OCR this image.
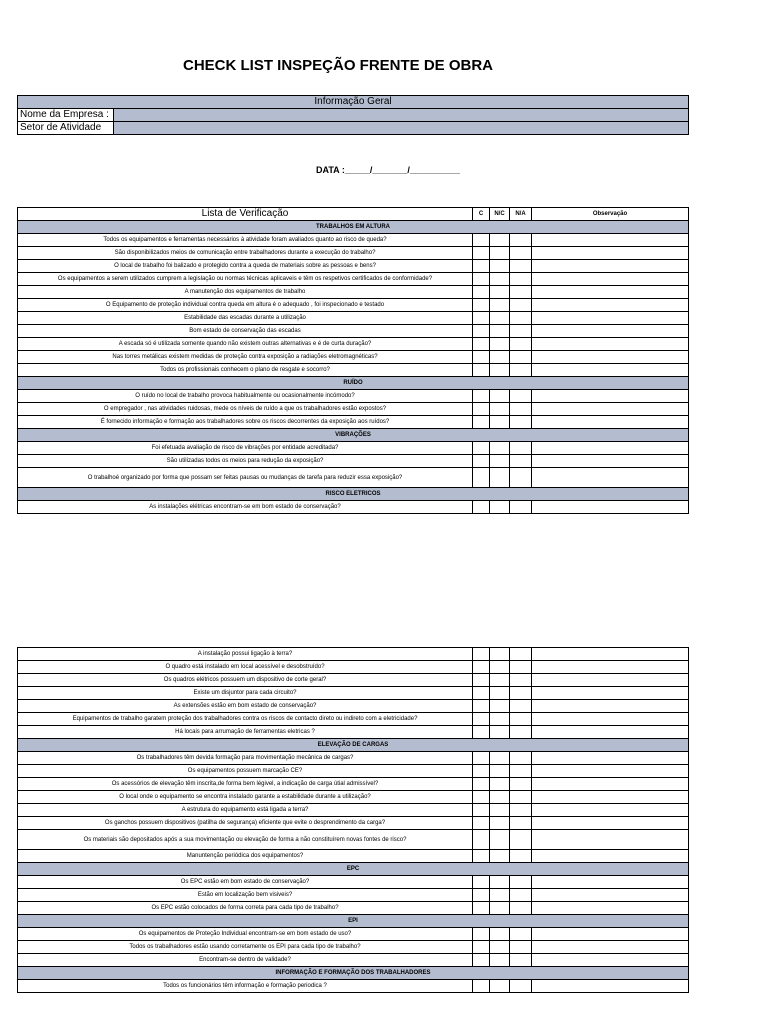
CHECK LIST INSPEÇÃO FRENTE DE OBRA
Informação Geral	
Nome da Empresa :	
Setor de Atividade	
DATA :_____/_______/__________
Lista de Verificação	C	N/C	N/A	Observação
TRABALHOS EM ALTURA				
Todos os equipamentos e ferramentas necessários à atividade foram avaliados quanto ao risco de queda?				
São disponibilizados meios de comunicação entre trabalhadores durante a execução do trabalho?				
O local de trabalho foi balizado e protegido contra a queda de materiais sobre as pessoas e bens?				
Os equipamentos a serem utilizados cumprem a legislação ou normas técnicas aplicaveis e têm os respetivos certificados de conformidade?				
A manutenção dos equipamentos de trabalho				
O Equipamento de proteção individual contra queda em altura é o adequado , foi inspecionado e testado				
Estabilidade das escadas durante a utilização				
Bom estado de conservação das escadas				
A escada só é utilizada somente quando não existem outras alternativas e é de curta duração?				
Nas torres metálicas existem medidas de proteção contra exposição a radiações eletromagnéticas?				
Todos os profissionais conhecem o plano de resgate e socorro?				
RUÍDO				
O ruído no local de trabalho provoca habitualmente ou ocasionalmente incómodo?				
O empregador , nas atividades ruidosas, mede os níveis de ruído a que os trabalhadores estão expostos?				
É fornecido informação e formação aos trabalhadores sobre os riscos decorrentes da exposição aos ruídos?				
VIBRAÇÕES				
Foi efetuada avaliação de risco de vibrações por entidade acreditada?				
São utilizadas todos os meios para redução da exposição?				
O trabalhoé organizado por forma que possam ser feitas pausas ou mudanças de tarefa para reduzir essa exposição?				
RISCO ELETRICOS				
As instalações elétricas encontram-se em bom estado de conservação?				
A instalação possui ligação à terra?				
O quadro está instalado em local acessível e desobstruído?				
Os quadros elétricos possuem um dispositivo de corte geral?				
Existe um disjuntor para cada circuito?				
As extensões estão em bom estado de conservação?				
Equipamentos de trabalho garatem proteção dos trabalhadores contra os riscos de contacto direto ou indireto com a eletricidade?				
Há locais para arrumação de ferramentas eletricas ?				
ELEVAÇÃO DE CARGAS				
Os trabalhadores têm devida formação para movimentação mecânica de cargas?				
Os equipamentos possuem marcação CE?				
Os acessórios de elevação têm inscrita,de forma bem légivel, a indicação de carga útial admissível?				
O local onde o equipamento se encontra instalado garante a estabilidade durante a utilização?				
A estrutura do equipamento está ligada a terra?				
Os ganchos possuem dispositivos (patilha de segurança) eficiente que evite o desprendimento da carga?				
Os materiais são depositados após a sua movimentação ou elevação de forma a não constituírem novas fontes de risco?				
Manuntenção periódica dos equipamentos?				
EPC				
Os EPC estão em bom estado de conservação?				
Estão em localização bem visiveis?				
Os EPC estão colocados de forma correta para cada tipo de trabalho?				
EPI				
Os equipamentos de Proteção Individual encontram-se em bom estado de uso?				
Todos os trabalhadores estão usando corretamente os EPI para cada tipo de trabalho?				
Encontram-se dentro de validade?				
INFORMAÇÃO E FORMAÇÃO DOS TRABALHADORES				
Todos os funcionários têm informação e formação periodica ?				
